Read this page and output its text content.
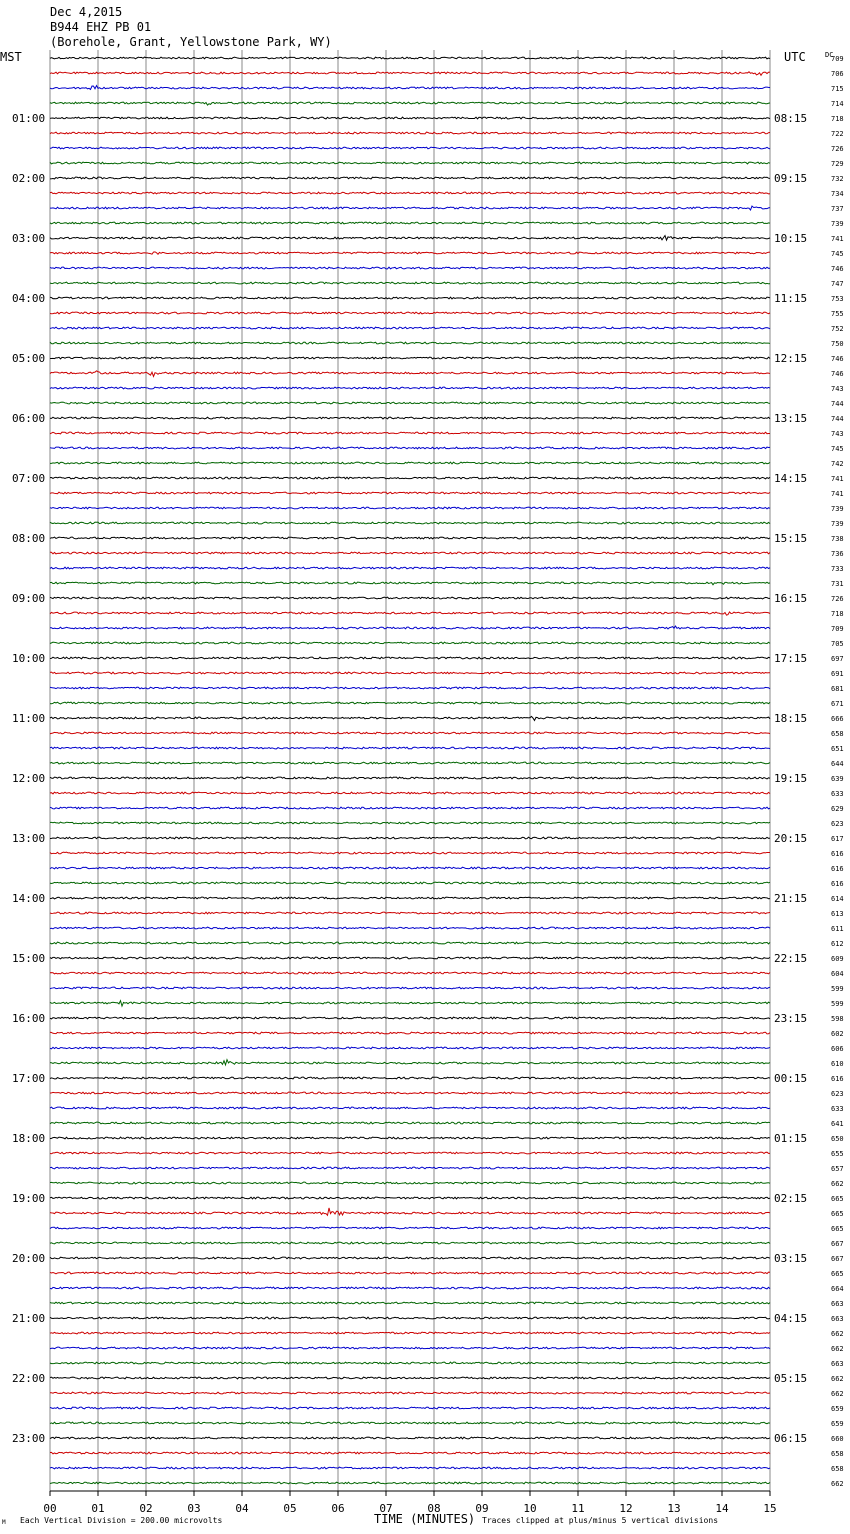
Dec 4,2015
B944 EHZ PB 01
(Borehole, Grant, Yellowstone Park, WY)
MST	UTC	DC
01:00	08:15
02:00	09:15
03:00	10:15
04:00	11:15
05:00	12:15
06:00	13:15
07:00	14:15
08:00	15:15
09:00	16:15
10:00	17:15
11:00	18:15
12:00	19:15
13:00	20:15
14:00	21:15
15:00	22:15
16:00	23:15
17:00	00:15
18:00	01:15
19:00	02:15
20:00	03:15
21:00	04:15
22:00	05:15
23:00	06:15
709
706
715
714
718
722
726
729
732
734
737
739
741
745
746
747
753
755
752
750
746
746
743
744
744
743
745
742
741
741
739
739
738
736
733
731
726
718
709
705
697
691
681
671
666
658
651
644
639
633
629
623
617
616
616
616
614
613
611
612
609
604
599
599
598
602
606
610
616
623
633
641
650
655
657
662
665
665
665
667
667
665
664
663
663
662
662
663
662
662
659
659
660
658
658
662
00	01	02	03	04	05	06	07	08	09	10	11	12	13	14	15
M Each Vertical Division = 200.00 microvolts	TIME (MINUTES) Traces clipped at plus/minus 5 vertical divisions
